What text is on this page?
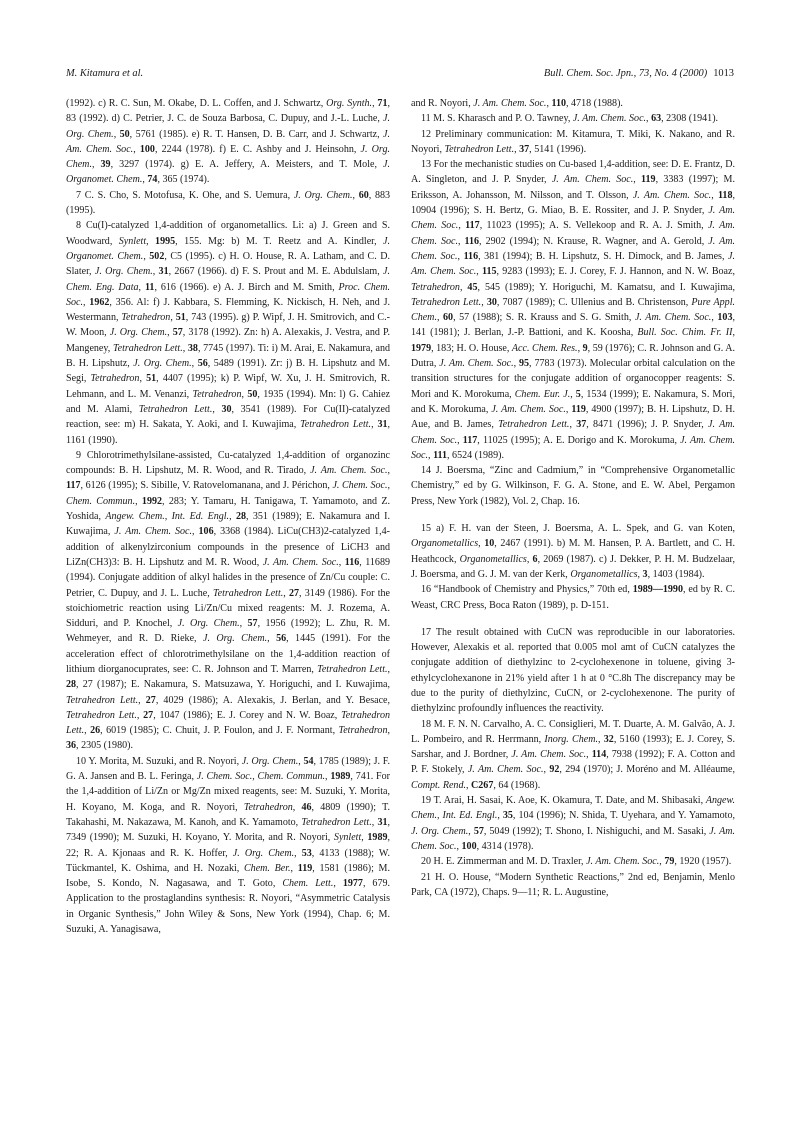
M. Kitamura et al.	Bull. Chem. Soc. Jpn., 73, No. 4 (2000) 1013

(1992). c) R. C. Sun, M. Okabe, D. L. Coffen, and J. Schwartz, Org. Synth., 71, 83 (1992). d) C. Petrier, J. C. de Souza Barbosa, C. Dupuy, and J.-L. Luche, J. Org. Chem., 50, 5761 (1985). e) R. T. Hansen, D. B. Carr, and J. Schwartz, J. Am. Chem. Soc., 100, 2244 (1978). f) E. C. Ashby and J. Heinsohn, J. Org. Chem., 39, 3297 (1974). g) E. A. Jeffery, A. Meisters, and T. Mole, J. Organomet. Chem., 74, 365 (1974).

7 C. S. Cho, S. Motofusa, K. Ohe, and S. Uemura, J. Org. Chem., 60, 883 (1995).

8 Cu(I)-catalyzed 1,4-addition of organometallics. Li: a) J. Green and S. Woodward, Synlett, 1995, 155. Mg: b) M. T. Reetz and A. Kindler, J. Organomet. Chem., 502, C5 (1995). c) H. O. House, R. A. Latham, and C. D. Slater, J. Org. Chem., 31, 2667 (1966). d) F. S. Prout and M. E. Abdulslam, J. Chem. Eng. Data, 11, 616 (1966). e) A. J. Birch and M. Smith, Proc. Chem. Soc., 1962, 356. Al: f) J. Kabbara, S. Flemming, K. Nickisch, H. Neh, and J. Westermann, Tetrahedron, 51, 743 (1995). g) P. Wipf, J. H. Smitrovich, and C.-W. Moon, J. Org. Chem., 57, 3178 (1992). Zn: h) A. Alexakis, J. Vestra, and P. Mangeney, Tetrahedron Lett., 38, 7745 (1997). Ti: i) M. Arai, E. Nakamura, and B. H. Lipshutz, J. Org. Chem., 56, 5489 (1991). Zr: j) B. H. Lipshutz and M. Segi, Tetrahedron, 51, 4407 (1995); k) P. Wipf, W. Xu, J. H. Smitrovich, R. Lehmann, and L. M. Venanzi, Tetrahedron, 50, 1935 (1994). Mn: l) G. Cahiez and M. Alami, Tetrahedron Lett., 30, 3541 (1989). For Cu(II)-catalyzed reaction, see: m) H. Sakata, Y. Aoki, and I. Kuwajima, Tetrahedron Lett., 31, 1161 (1990).

9 Chlorotrimethylsilane-assisted, Cu-catalyzed 1,4-addition of organozinc compounds: B. H. Lipshutz, M. R. Wood, and R. Tirado, J. Am. Chem. Soc., 117, 6126 (1995); S. Sibille, V. Ratovelomanana, and J. Périchon, J. Chem. Soc., Chem. Commun., 1992, 283; Y. Tamaru, H. Tanigawa, T. Yamamoto, and Z. Yoshida, Angew. Chem., Int. Ed. Engl., 28, 351 (1989); E. Nakamura and I. Kuwajima, J. Am. Chem. Soc., 106, 3368 (1984). LiCu(CH3)2-catalyzed 1,4-addition of alkenylzirconium compounds in the presence of LiCH3 and LiZn(CH3)3: B. H. Lipshutz and M. R. Wood, J. Am. Chem. Soc., 116, 11689 (1994). Conjugate addition of alkyl halides in the presence of Zn/Cu couple: C. Petrier, C. Dupuy, and J. L. Luche, Tetrahedron Lett., 27, 3149 (1986). For the stoichiometric reaction using Li/Zn/Cu mixed reagents: M. J. Rozema, A. Sidduri, and P. Knochel, J. Org. Chem., 57, 1956 (1992); L. Zhu, R. M. Wehmeyer, and R. D. Rieke, J. Org. Chem., 56, 1445 (1991). For the acceleration effect of chlorotrimethylsilane on the 1,4-addition reaction of lithium diorganocuprates, see: C. R. Johnson and T. Marren, Tetrahedron Lett., 28, 27 (1987); E. Nakamura, S. Matsuzawa, Y. Horiguchi, and I. Kuwajima, Tetrahedron Lett., 27, 4029 (1986); A. Alexakis, J. Berlan, and Y. Besace, Tetrahedron Lett., 27, 1047 (1986); E. J. Corey and N. W. Boaz, Tetrahedron Lett., 26, 6019 (1985); C. Chuit, J. P. Foulon, and J. F. Normant, Tetrahedron, 36, 2305 (1980).

10 Y. Morita, M. Suzuki, and R. Noyori, J. Org. Chem., 54, 1785 (1989); J. F. G. A. Jansen and B. L. Feringa, J. Chem. Soc., Chem. Commun., 1989, 741. For the 1,4-addition of Li/Zn or Mg/Zn mixed reagents, see: M. Suzuki, Y. Morita, H. Koyano, M. Koga, and R. Noyori, Tetrahedron, 46, 4809 (1990); T. Takahashi, M. Nakazawa, M. Kanoh, and K. Yamamoto, Tetrahedron Lett., 31, 7349 (1990); M. Suzuki, H. Koyano, Y. Morita, and R. Noyori, Synlett, 1989, 22; R. A. Kjonaas and R. K. Hoffer, J. Org. Chem., 53, 4133 (1988); W. Tückmantel, K. Oshima, and H. Nozaki, Chem. Ber., 119, 1581 (1986); M. Isobe, S. Kondo, N. Nagasawa, and T. Goto, Chem. Lett., 1977, 679. Application to the prostaglandins synthesis: R. Noyori, “Asymmetric Catalysis in Organic Synthesis,” John Wiley & Sons, New York (1994), Chap. 6; M. Suzuki, A. Yanagisawa,

and R. Noyori, J. Am. Chem. Soc., 110, 4718 (1988).

11 M. S. Kharasch and P. O. Tawney, J. Am. Chem. Soc., 63, 2308 (1941).

12 Preliminary communication: M. Kitamura, T. Miki, K. Nakano, and R. Noyori, Tetrahedron Lett., 37, 5141 (1996).

13 For the mechanistic studies on Cu-based 1,4-addition, see: D. E. Frantz, D. A. Singleton, and J. P. Snyder, J. Am. Chem. Soc., 119, 3383 (1997); M. Eriksson, A. Johansson, M. Nilsson, and T. Olsson, J. Am. Chem. Soc., 118, 10904 (1996); S. H. Bertz, G. Miao, B. E. Rossiter, and J. P. Snyder, J. Am. Chem. Soc., 117, 11023 (1995); A. S. Vellekoop and R. A. J. Smith, J. Am. Chem. Soc., 116, 2902 (1994); N. Krause, R. Wagner, and A. Gerold, J. Am. Chem. Soc., 116, 381 (1994); B. H. Lipshutz, S. H. Dimock, and B. James, J. Am. Chem. Soc., 115, 9283 (1993); E. J. Corey, F. J. Hannon, and N. W. Boaz, Tetrahedron, 45, 545 (1989); Y. Horiguchi, M. Kamatsu, and I. Kuwajima, Tetrahedron Lett., 30, 7087 (1989); C. Ullenius and B. Christenson, Pure Appl. Chem., 60, 57 (1988); S. R. Krauss and S. G. Smith, J. Am. Chem. Soc., 103, 141 (1981); J. Berlan, J.-P. Battioni, and K. Koosha, Bull. Soc. Chim. Fr. II, 1979, 183; H. O. House, Acc. Chem. Res., 9, 59 (1976); C. R. Johnson and G. A. Dutra, J. Am. Chem. Soc., 95, 7783 (1973). Molecular orbital calculation on the transition structures for the conjugate addition of organocopper reagents: S. Mori and K. Morokuma, Chem. Eur. J., 5, 1534 (1999); E. Nakamura, S. Mori, and K. Morokuma, J. Am. Chem. Soc., 119, 4900 (1997); B. H. Lipshutz, D. H. Aue, and B. James, Tetrahedron Lett., 37, 8471 (1996); J. P. Snyder, J. Am. Chem. Soc., 117, 11025 (1995); A. E. Dorigo and K. Morokuma, J. Am. Chem. Soc., 111, 6524 (1989).

14 J. Boersma, “Zinc and Cadmium,” in “Comprehensive Organometallic Chemistry,” ed by G. Wilkinson, F. G. A. Stone, and E. W. Abel, Pergamon Press, New York (1982), Vol. 2, Chap. 16.

15 a) F. H. van der Steen, J. Boersma, A. L. Spek, and G. van Koten, Organometallics, 10, 2467 (1991). b) M. M. Hansen, P. A. Bartlett, and C. H. Heathcock, Organometallics, 6, 2069 (1987). c) J. Dekker, P. H. M. Budzelaar, J. Boersma, and G. J. M. van der Kerk, Organometallics, 3, 1403 (1984).

16 “Handbook of Chemistry and Physics,” 70th ed, 1989—1990, ed by R. C. Weast, CRC Press, Boca Raton (1989), p. D-151.

17 The result obtained with CuCN was reproducible in our laboratories. However, Alexakis et al. reported that 0.005 mol amt of CuCN catalyzes the conjugate addition of diethylzinc to 2-cyclohexenone in toluene, giving 3-ethylcyclohexanone in 21% yield after 1 h at 0 °C.8h The discrepancy may be due to the purity of diethylzinc, CuCN, or 2-cyclohexenone. The purity of diethylzinc profoundly influences the reactivity.

18 M. F. N. N. Carvalho, A. C. Consiglieri, M. T. Duarte, A. M. Galvão, A. J. L. Pombeiro, and R. Herrmann, Inorg. Chem., 32, 5160 (1993); E. J. Corey, S. Sarshar, and J. Bordner, J. Am. Chem. Soc., 114, 7938 (1992); F. A. Cotton and P. F. Stokely, J. Am. Chem. Soc., 92, 294 (1970); J. Moréno and M. Alléaume, Compt. Rend., C267, 64 (1968).

19 T. Arai, H. Sasai, K. Aoe, K. Okamura, T. Date, and M. Shibasaki, Angew. Chem., Int. Ed. Engl., 35, 104 (1996); N. Shida, T. Uyehara, and Y. Yamamoto, J. Org. Chem., 57, 5049 (1992); T. Shono, I. Nishiguchi, and M. Sasaki, J. Am. Chem. Soc., 100, 4314 (1978).

20 H. E. Zimmerman and M. D. Traxler, J. Am. Chem. Soc., 79, 1920 (1957).

21 H. O. House, “Modern Synthetic Reactions,” 2nd ed, Benjamin, Menlo Park, CA (1972), Chaps. 9—11; R. L. Augustine,
